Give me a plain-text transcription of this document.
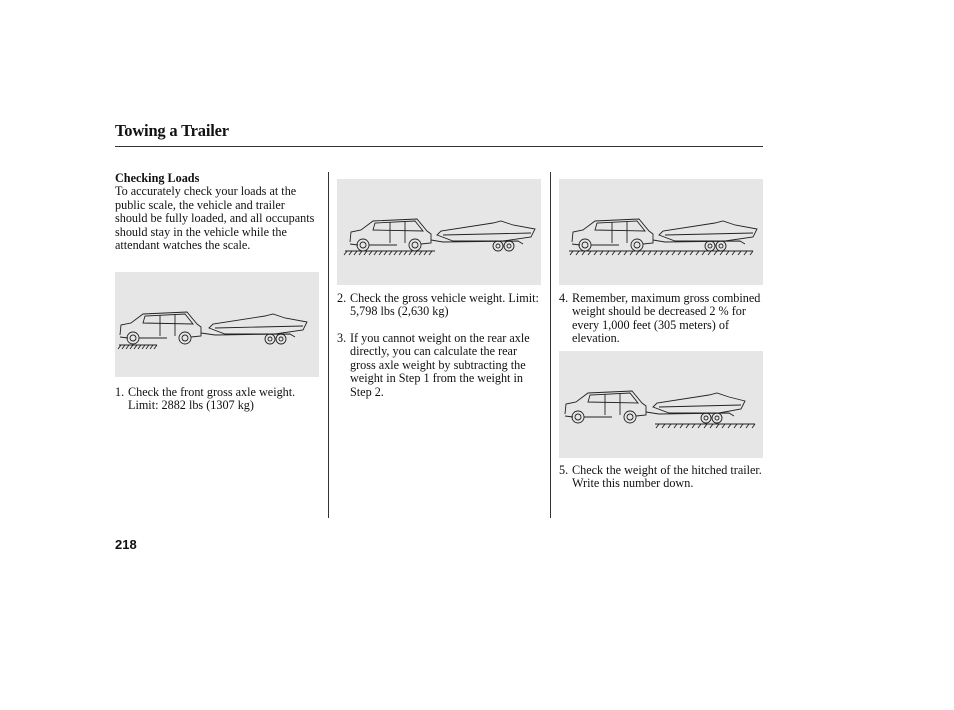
Towing a Trailer
Checking Loads
To accurately check your loads at the public scale, the vehicle and trailer should be fully loaded, and all occupants should stay in the vehicle while the attendant watches the scale.
1. Check the front gross axle weight. Limit: 2882 lbs (1307 kg)
2. Check the gross vehicle weight. Limit: 5,798 lbs (2,630 kg)
3. If you cannot weight on the rear axle directly, you can calculate the rear gross axle weight by subtracting the weight in Step 1 from the weight in Step 2.
4. Remember, maximum gross combined weight should be decreased 2 % for every 1,000 feet (305 meters) of elevation.
5. Check the weight of the hitched trailer. Write this number down.
218
